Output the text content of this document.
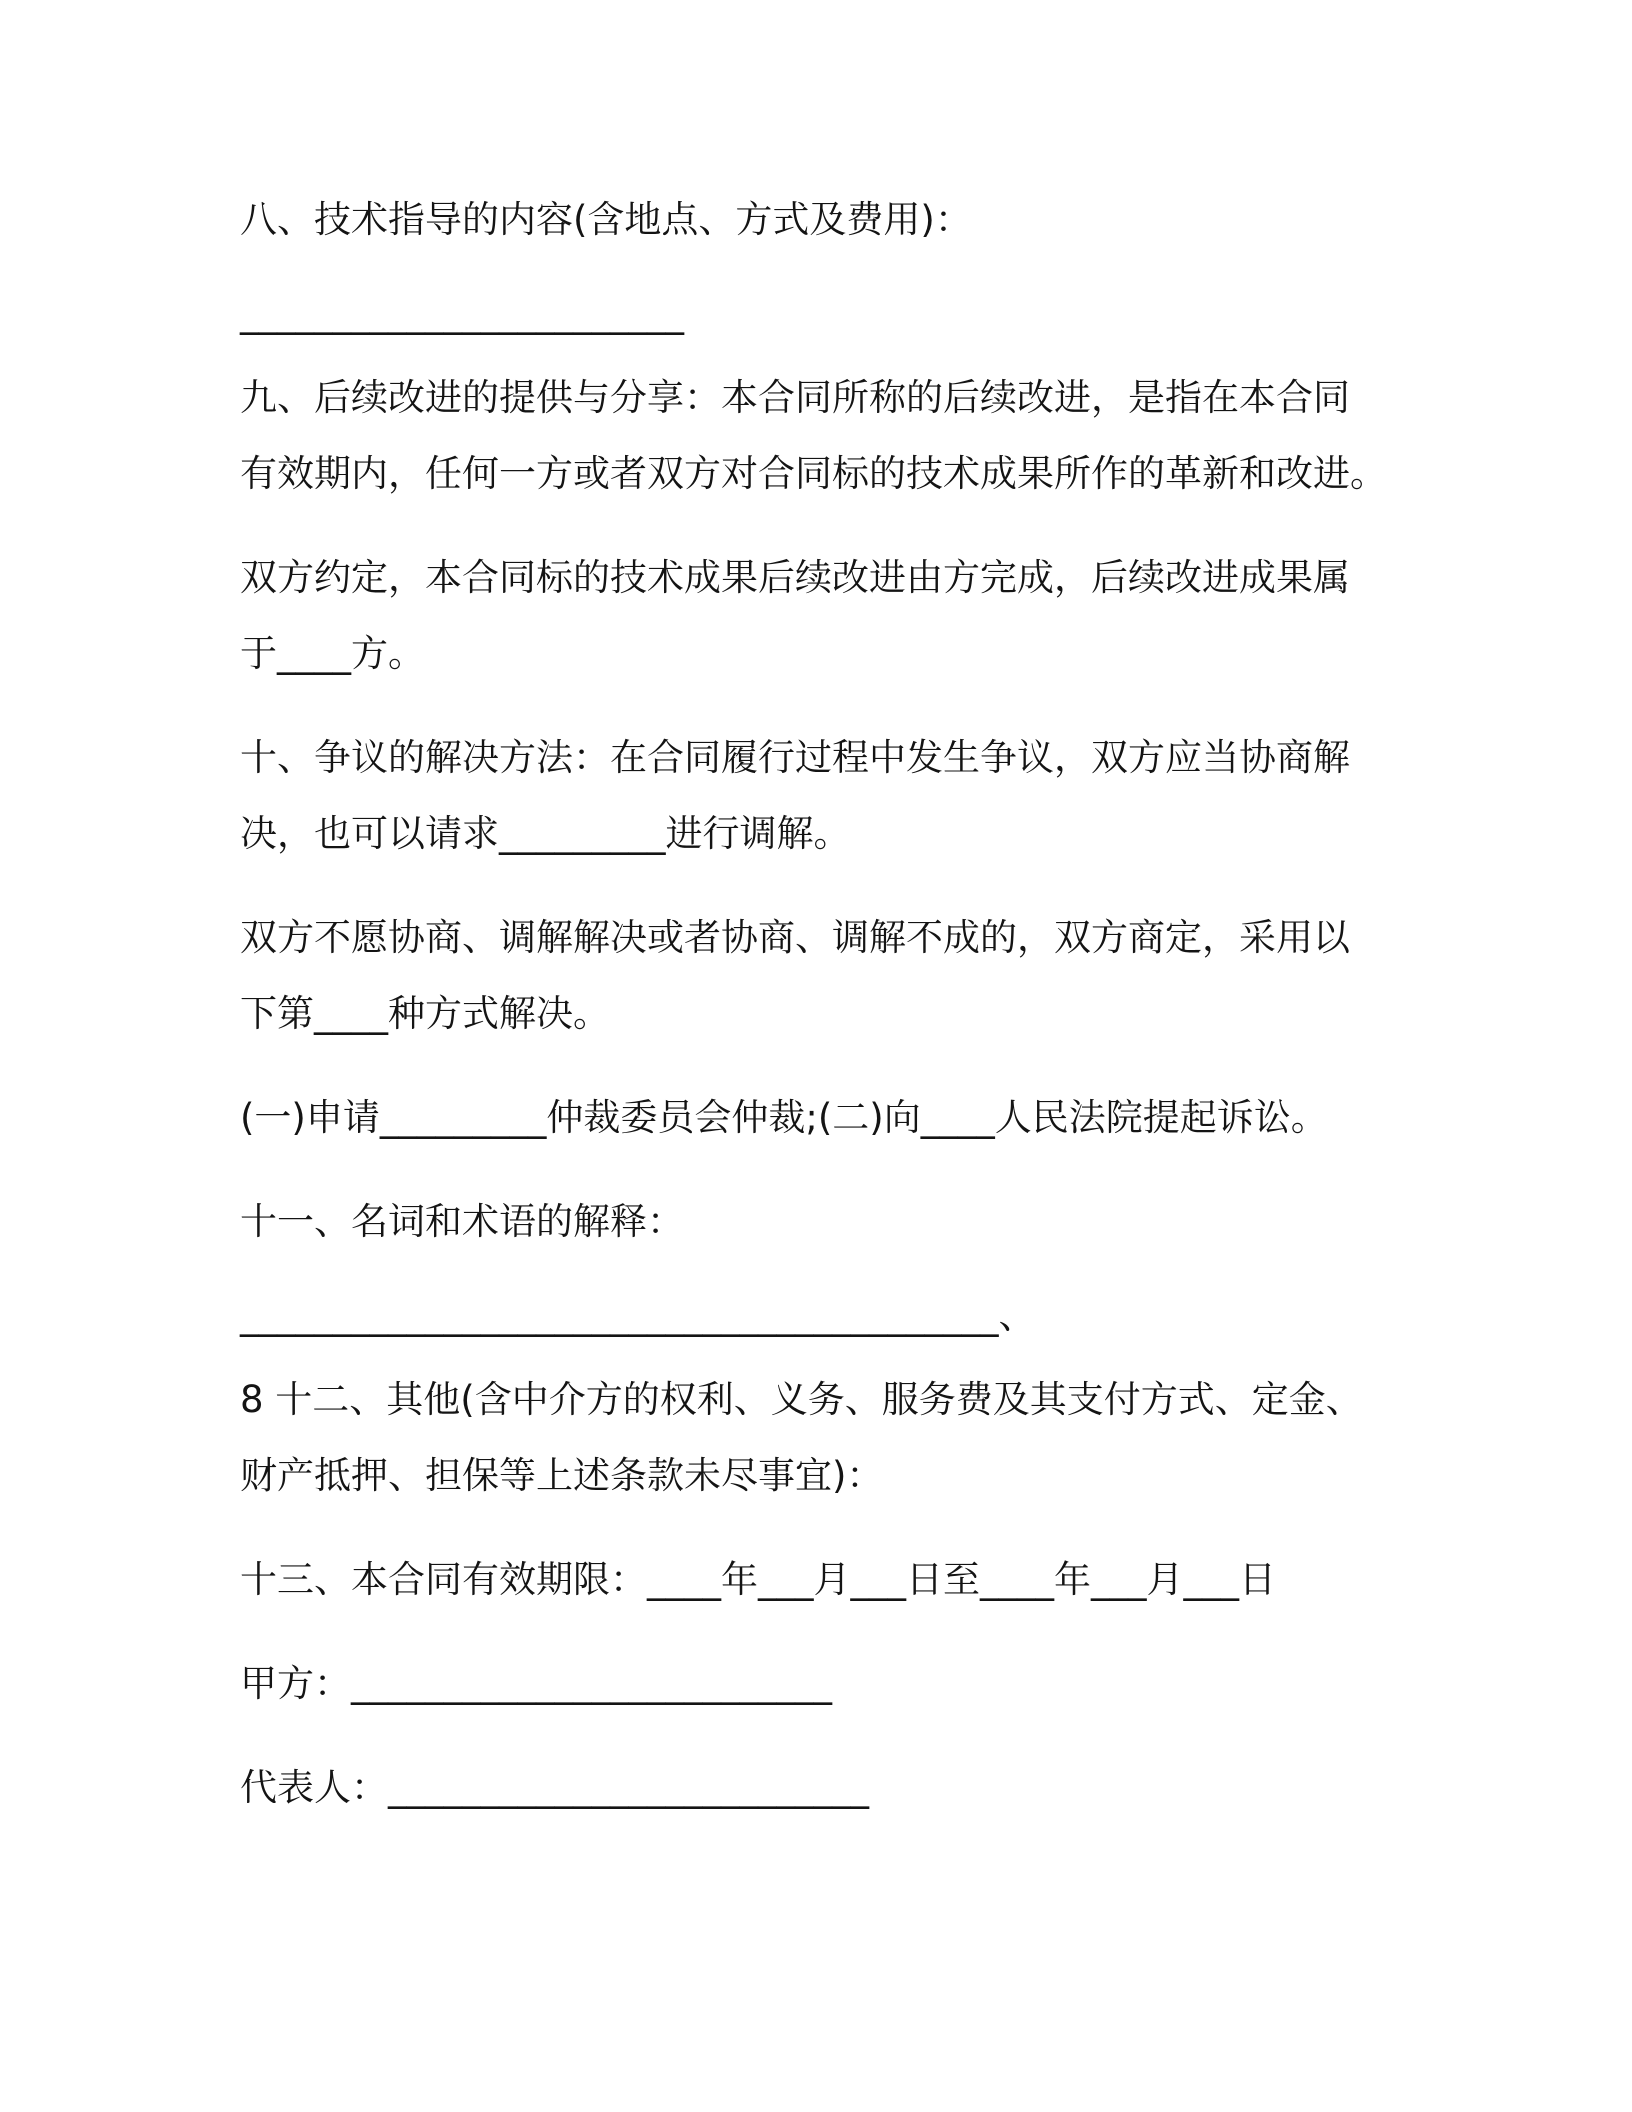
八、技术指导的内容(含地点、方式及费用)：

________________________

九、后续改进的提供与分享：本合同所称的后续改进，是指在本合同

有效期内，任何一方或者双方对合同标的技术成果所作的革新和改进。

双方约定，本合同标的技术成果后续改进由方完成，后续改进成果属

于____方。

十、争议的解决方法：在合同履行过程中发生争议，双方应当协商解

决，也可以请求_________进行调解。

双方不愿协商、调解解决或者协商、调解不成的，双方商定，采用以

下第____种方式解决。

(一)申请_________仲裁委员会仲裁;(二)向____人民法院提起诉讼。

十一、名词和术语的解释：

_________________________________________、

8 十二、其他(含中介方的权利、义务、服务费及其支付方式、定金、

财产抵押、担保等上述条款未尽事宜)：

十三、本合同有效期限：____年___月___日至____年___月___日

甲方：__________________________

代表人：__________________________
